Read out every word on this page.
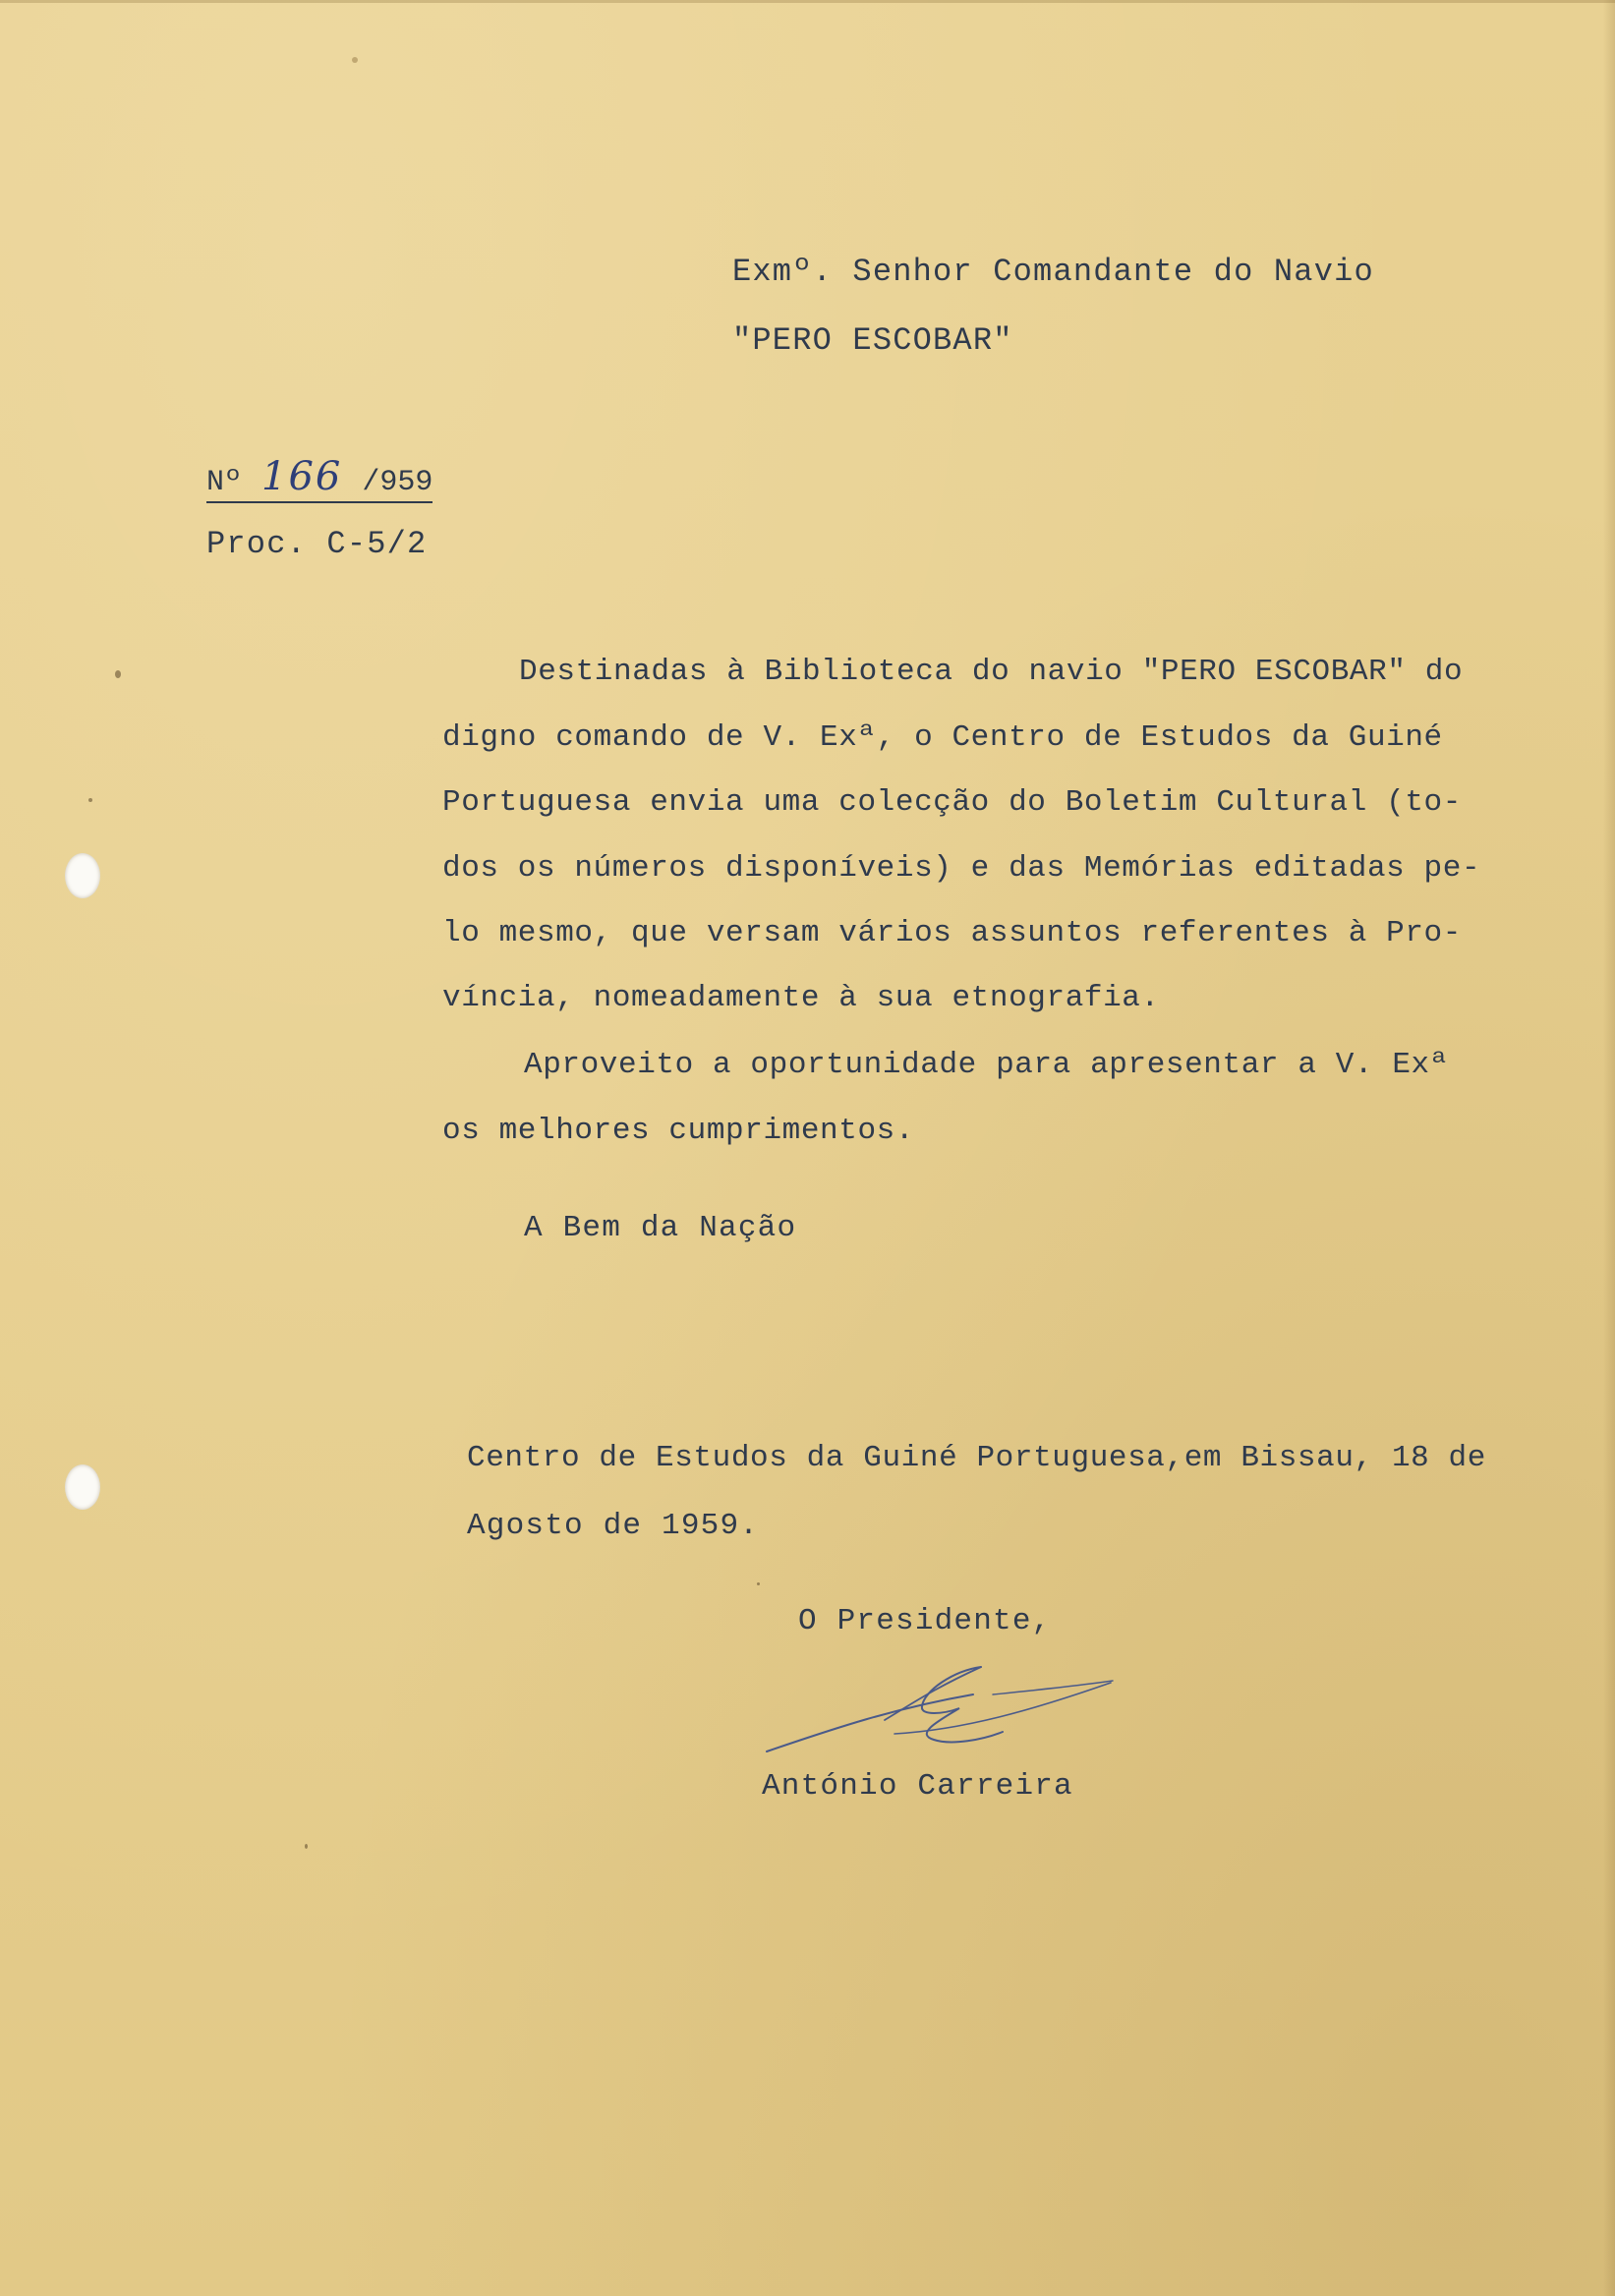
Exmº. Senhor Comandante do Navio

"PERO ESCOBAR"

Nº 166 /959

Proc. C-5/2

Destinadas à Biblioteca do navio "PERO ESCOBAR" do

digno comando de V. Exª, o Centro de Estudos da Guiné

Portuguesa envia uma colecção do Boletim Cultural (to-

dos os números disponíveis) e das Memórias editadas pe-

lo mesmo, que versam vários assuntos referentes à Pro-

víncia, nomeadamente à sua etnografia.

Aproveito a oportunidade para apresentar a V. Exª

os melhores cumprimentos.

A Bem da Nação

Centro de Estudos da Guiné Portuguesa,em Bissau, 18 de

Agosto de 1959.

O Presidente,

António Carreira
